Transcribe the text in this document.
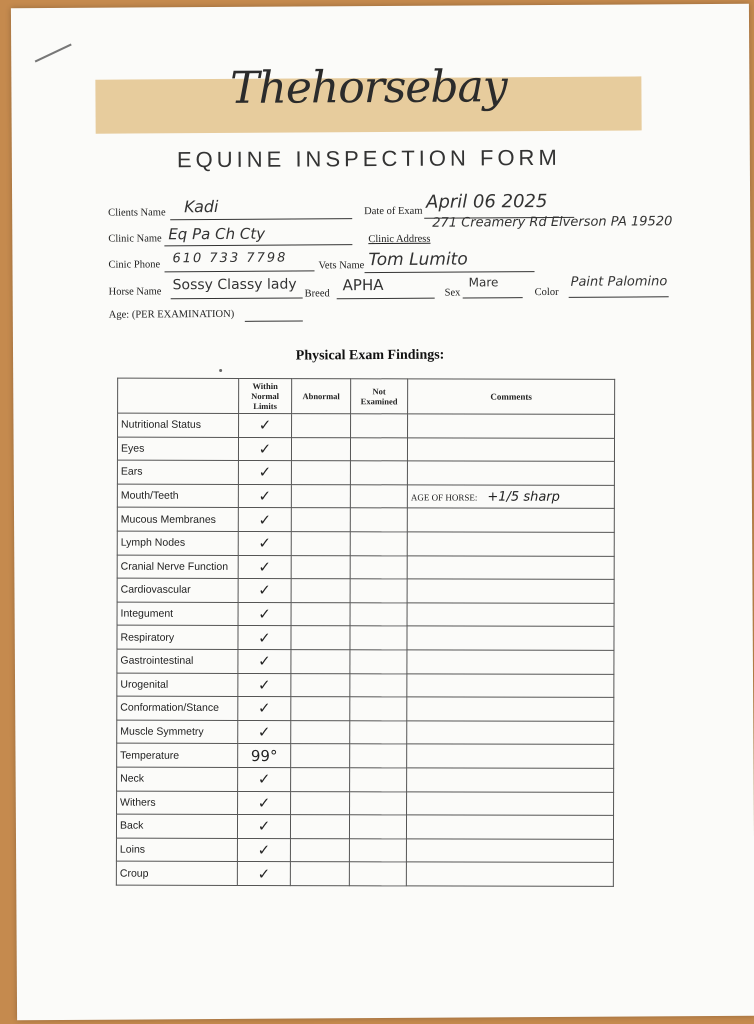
Thehorsebay
EQUINE INSPECTION FORM
Clients Name Kadi	Date of Exam April 06 2025
Clinic Name Eq Pa Ch Cty	Clinic Address
271 Creamery Rd Elverson PA 19520
Cinic Phone 610 733 7798	Vets Name Tom Lumito
Horse Name Sossy Classy lady
Breed APHA	Sex
Mare
Color
Paint Palomino
Age: (PER EXAMINATION)
Physical Exam Findings:
	Within Normal Limits	Abnormal	Not Examined	Comments
Nutritional Status	✓			
Eyes	✓			
Ears	✓			
Mouth/Teeth	✓			AGE OF HORSE: +1/5 sharp
Mucous Membranes	✓			
Lymph Nodes	✓			
Cranial Nerve Function	✓			
Cardiovascular	✓			
Integument	✓			
Respiratory	✓			
Gastrointestinal	✓			
Urogenital	✓			
Conformation/Stance	✓			
Muscle Symmetry	✓			
Temperature	99°			
Neck	✓			
Withers	✓			
Back	✓			
Loins	✓			
Croup	✓			
